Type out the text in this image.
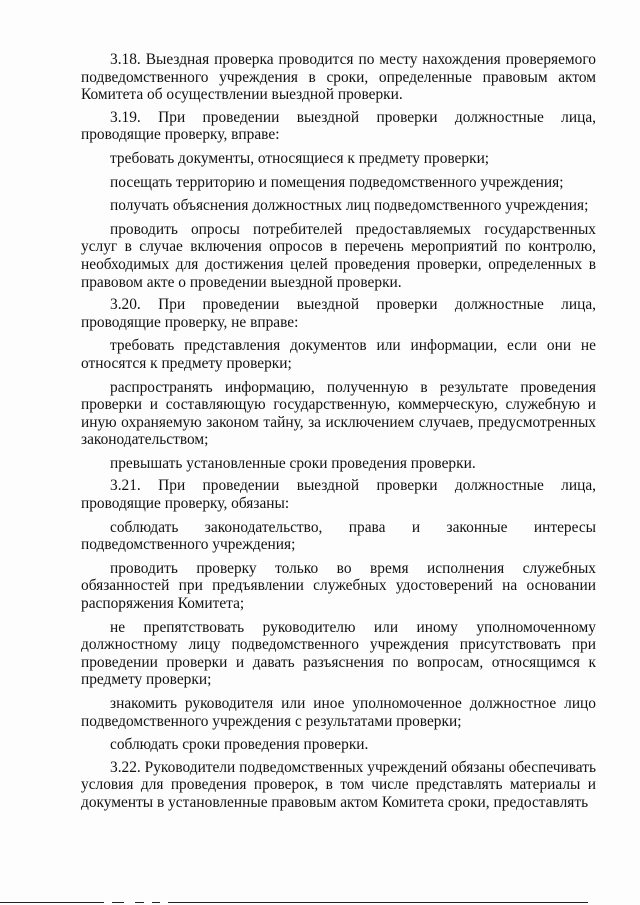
3.18. Выездная проверка проводится по месту нахождения проверяемого подведомственного учреждения в сроки, определенные правовым актом Комитета об осуществлении выездной проверки.

3.19. При проведении выездной проверки должностные лица, проводящие проверку, вправе:

требовать документы, относящиеся к предмету проверки;

посещать территорию и помещения подведомственного учреждения;

получать объяснения должностных лиц подведомственного учреждения;

проводить опросы потребителей предоставляемых государственных услуг в случае включения опросов в перечень мероприятий по контролю, необходимых для достижения целей проведения проверки, определенных в правовом акте о проведении выездной проверки.

3.20. При проведении выездной проверки должностные лица, проводящие проверку, не вправе:

требовать представления документов или информации, если они не относятся к предмету проверки;

распространять информацию, полученную в результате проведения проверки и составляющую государственную, коммерческую, служебную и иную охраняемую законом тайну, за исключением случаев, предусмотренных законодательством;

превышать установленные сроки проведения проверки.

3.21. При проведении выездной проверки должностные лица, проводящие проверку, обязаны:

соблюдать законодательство, права и законные интересы подведомственного учреждения;

проводить проверку только во время исполнения служебных обязанностей при предъявлении служебных удостоверений на основании распоряжения Комитета;

не препятствовать руководителю или иному уполномоченному должностному лицу подведомственного учреждения присутствовать при проведении проверки и давать разъяснения по вопросам, относящимся к предмету проверки;

знакомить руководителя или иное уполномоченное должностное лицо подведомственного учреждения с результатами проверки;

соблюдать сроки проведения проверки.

3.22. Руководители подведомственных учреждений обязаны обеспечивать условия для проведения проверок, в том числе представлять материалы и документы в установленные правовым актом Комитета сроки, предоставлять
